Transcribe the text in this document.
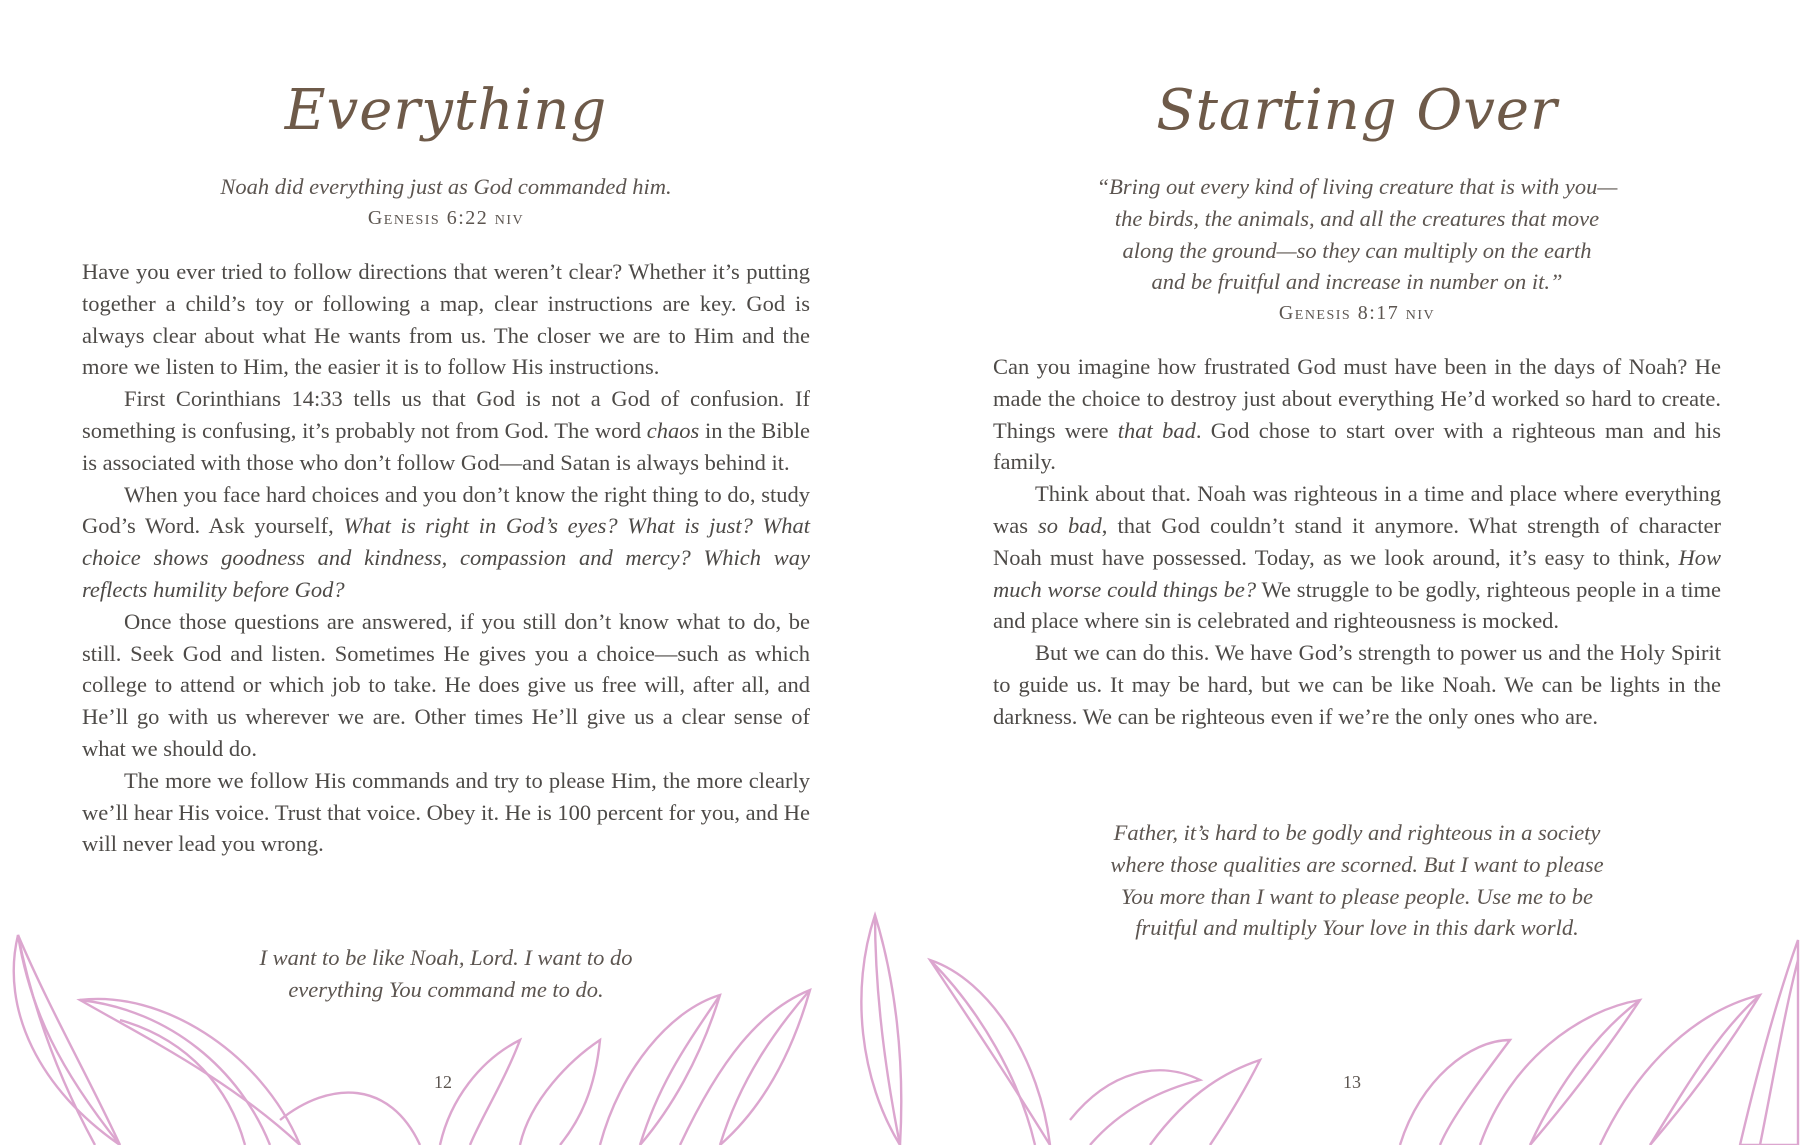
Everything
Noah did everything just as God commanded him.
Genesis 6:22 niv

Have you ever tried to follow directions that weren’t clear? Whether it’s putting together a child’s toy or following a map, clear instructions are key. God is always clear about what He wants from us. The closer we are to Him and the more we listen to Him, the easier it is to follow His instructions.

First Corinthians 14:33 tells us that God is not a God of confusion. If something is confusing, it’s probably not from God. The word chaos in the Bible is associated with those who don’t follow God—and Satan is always behind it.

When you face hard choices and you don’t know the right thing to do, study God’s Word. Ask yourself, What is right in God’s eyes? What is just? What choice shows goodness and kindness, compassion and mercy? Which way reflects humility before God?

Once those questions are answered, if you still don’t know what to do, be still. Seek God and listen. Sometimes He gives you a choice—such as which college to attend or which job to take. He does give us free will, after all, and He’ll go with us wherever we are. Other times He’ll give us a clear sense of what we should do.

The more we follow His commands and try to please Him, the more clearly we’ll hear His voice. Trust that voice. Obey it. He is 100 percent for you, and He will never lead you wrong.

I want to be like Noah, Lord. I want to do
everything You command me to do.
12
Starting Over
“Bring out every kind of living creature that is with you—
the birds, the animals, and all the creatures that move
along the ground—so they can multiply on the earth
and be fruitful and increase in number on it.”
Genesis 8:17 niv

Can you imagine how frustrated God must have been in the days of Noah? He made the choice to destroy just about everything He’d worked so hard to create. Things were that bad. God chose to start over with a righteous man and his family.

Think about that. Noah was righteous in a time and place where everything was so bad, that God couldn’t stand it anymore. What strength of character Noah must have possessed. Today, as we look around, it’s easy to think, How much worse could things be? We struggle to be godly, righteous people in a time and place where sin is celebrated and righteousness is mocked.

But we can do this. We have God’s strength to power us and the Holy Spirit to guide us. It may be hard, but we can be like Noah. We can be lights in the darkness. We can be righteous even if we’re the only ones who are.

Father, it’s hard to be godly and righteous in a society
where those qualities are scorned. But I want to please
You more than I want to please people. Use me to be
fruitful and multiply Your love in this dark world.
13
